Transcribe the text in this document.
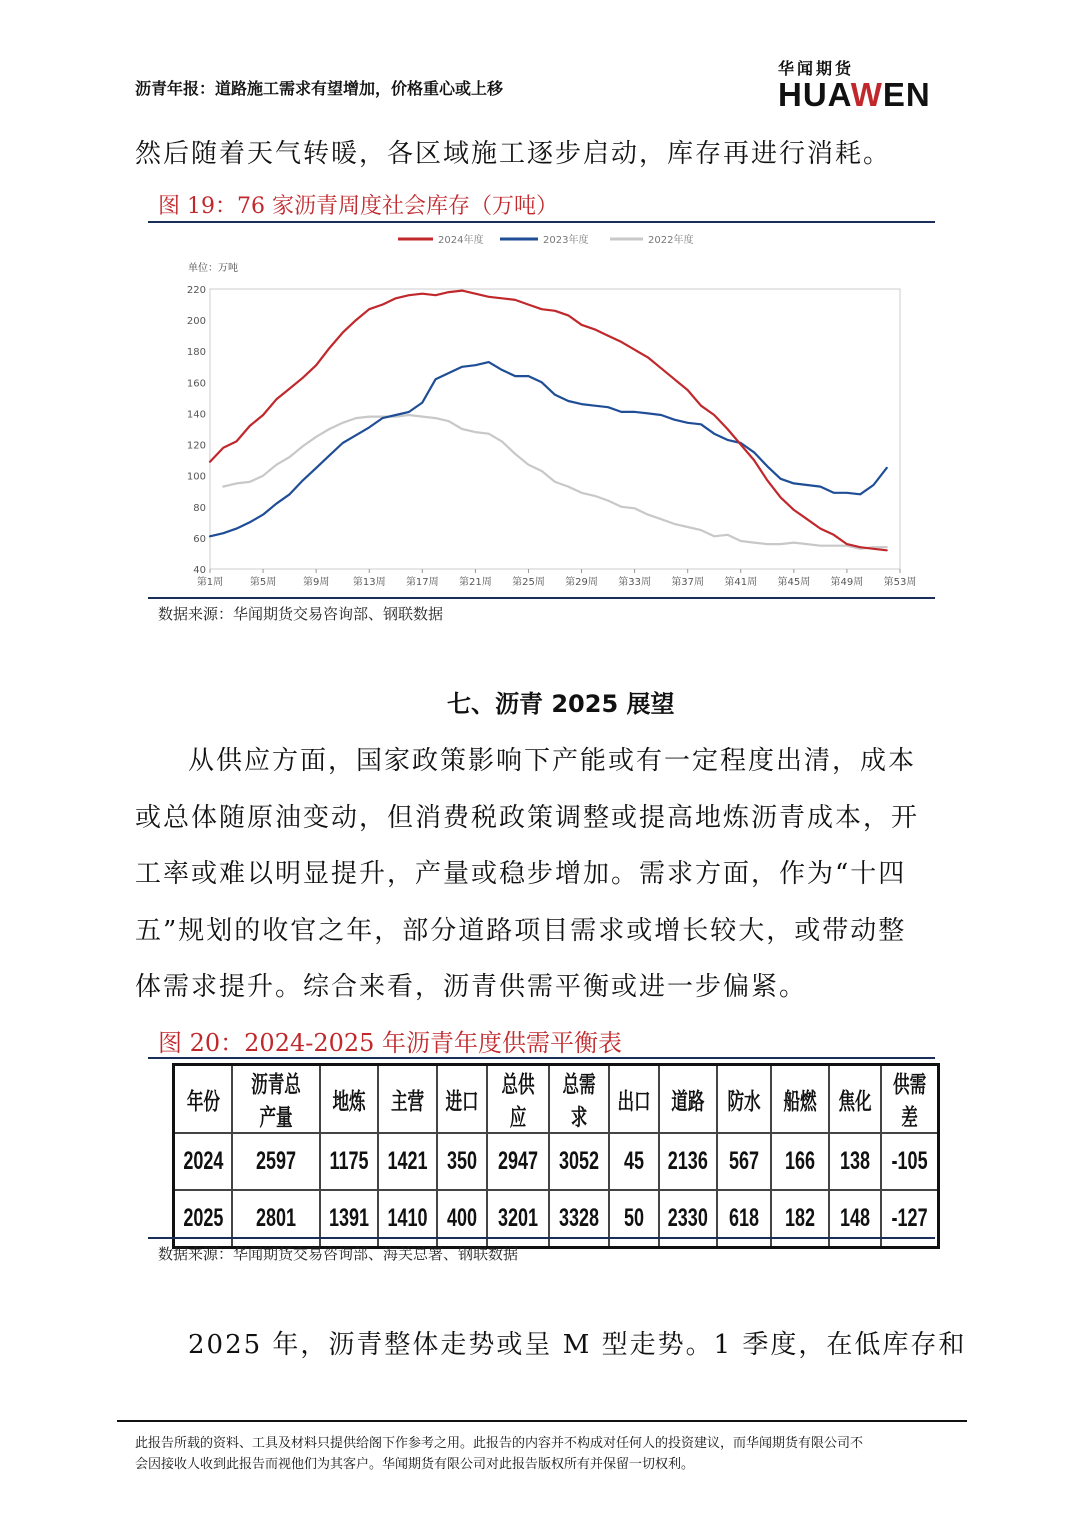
沥青年报：道路施工需求有望增加，价格重心或上移
华闻期货
HUAWEN
然后随着天气转暖，各区域施工逐步启动，库存再进行消耗。
图 19：76 家沥青周度社会库存（万吨）
2024年度	2023年度	2022年度
单位：万吨
220
200
180
160
140
120
100
80
60
40
第1周	第5周	第9周 第13周 第17周 第21周 第25周 第29周 第33周 第37周 第41周 第45周 第49周 第53周
数据来源：华闻期货交易咨询部、钢联数据
七、沥青 2025 展望
从供应方面，国家政策影响下产能或有一定程度出清，成本
或总体随原油变动，但消费税政策调整或提高地炼沥青成本，开
工率或难以明显提升，产量或稳步增加。需求方面，作为“十四
五”规划的收官之年，部分道路项目需求或增长较大，或带动整
体需求提升。综合来看，沥青供需平衡或进一步偏紧。
图 20：2024-2025 年沥青年度供需平衡表
年份	沥青总产量	地炼	主营	进口	总供应	总需求	出口	道路	防水	船燃	焦化	供需差
2024	2597	1175	1421	350	2947	3052	45	2136	567	166	138	-105
2025	2801	1391	1410	400	3201	3328	50	2330	618	182	148	-127
数据来源：华闻期货交易咨询部、海关总署、钢联数据
2025 年，沥青整体走势或呈 M 型走势。1 季度，在低库存和
此报告所载的资料、工具及材料只提供给阁下作参考之用。此报告的内容并不构成对任何人的投资建议，而华闻期货有限公司不
会因接收人收到此报告而视他们为其客户。华闻期货有限公司对此报告版权所有并保留一切权利。
